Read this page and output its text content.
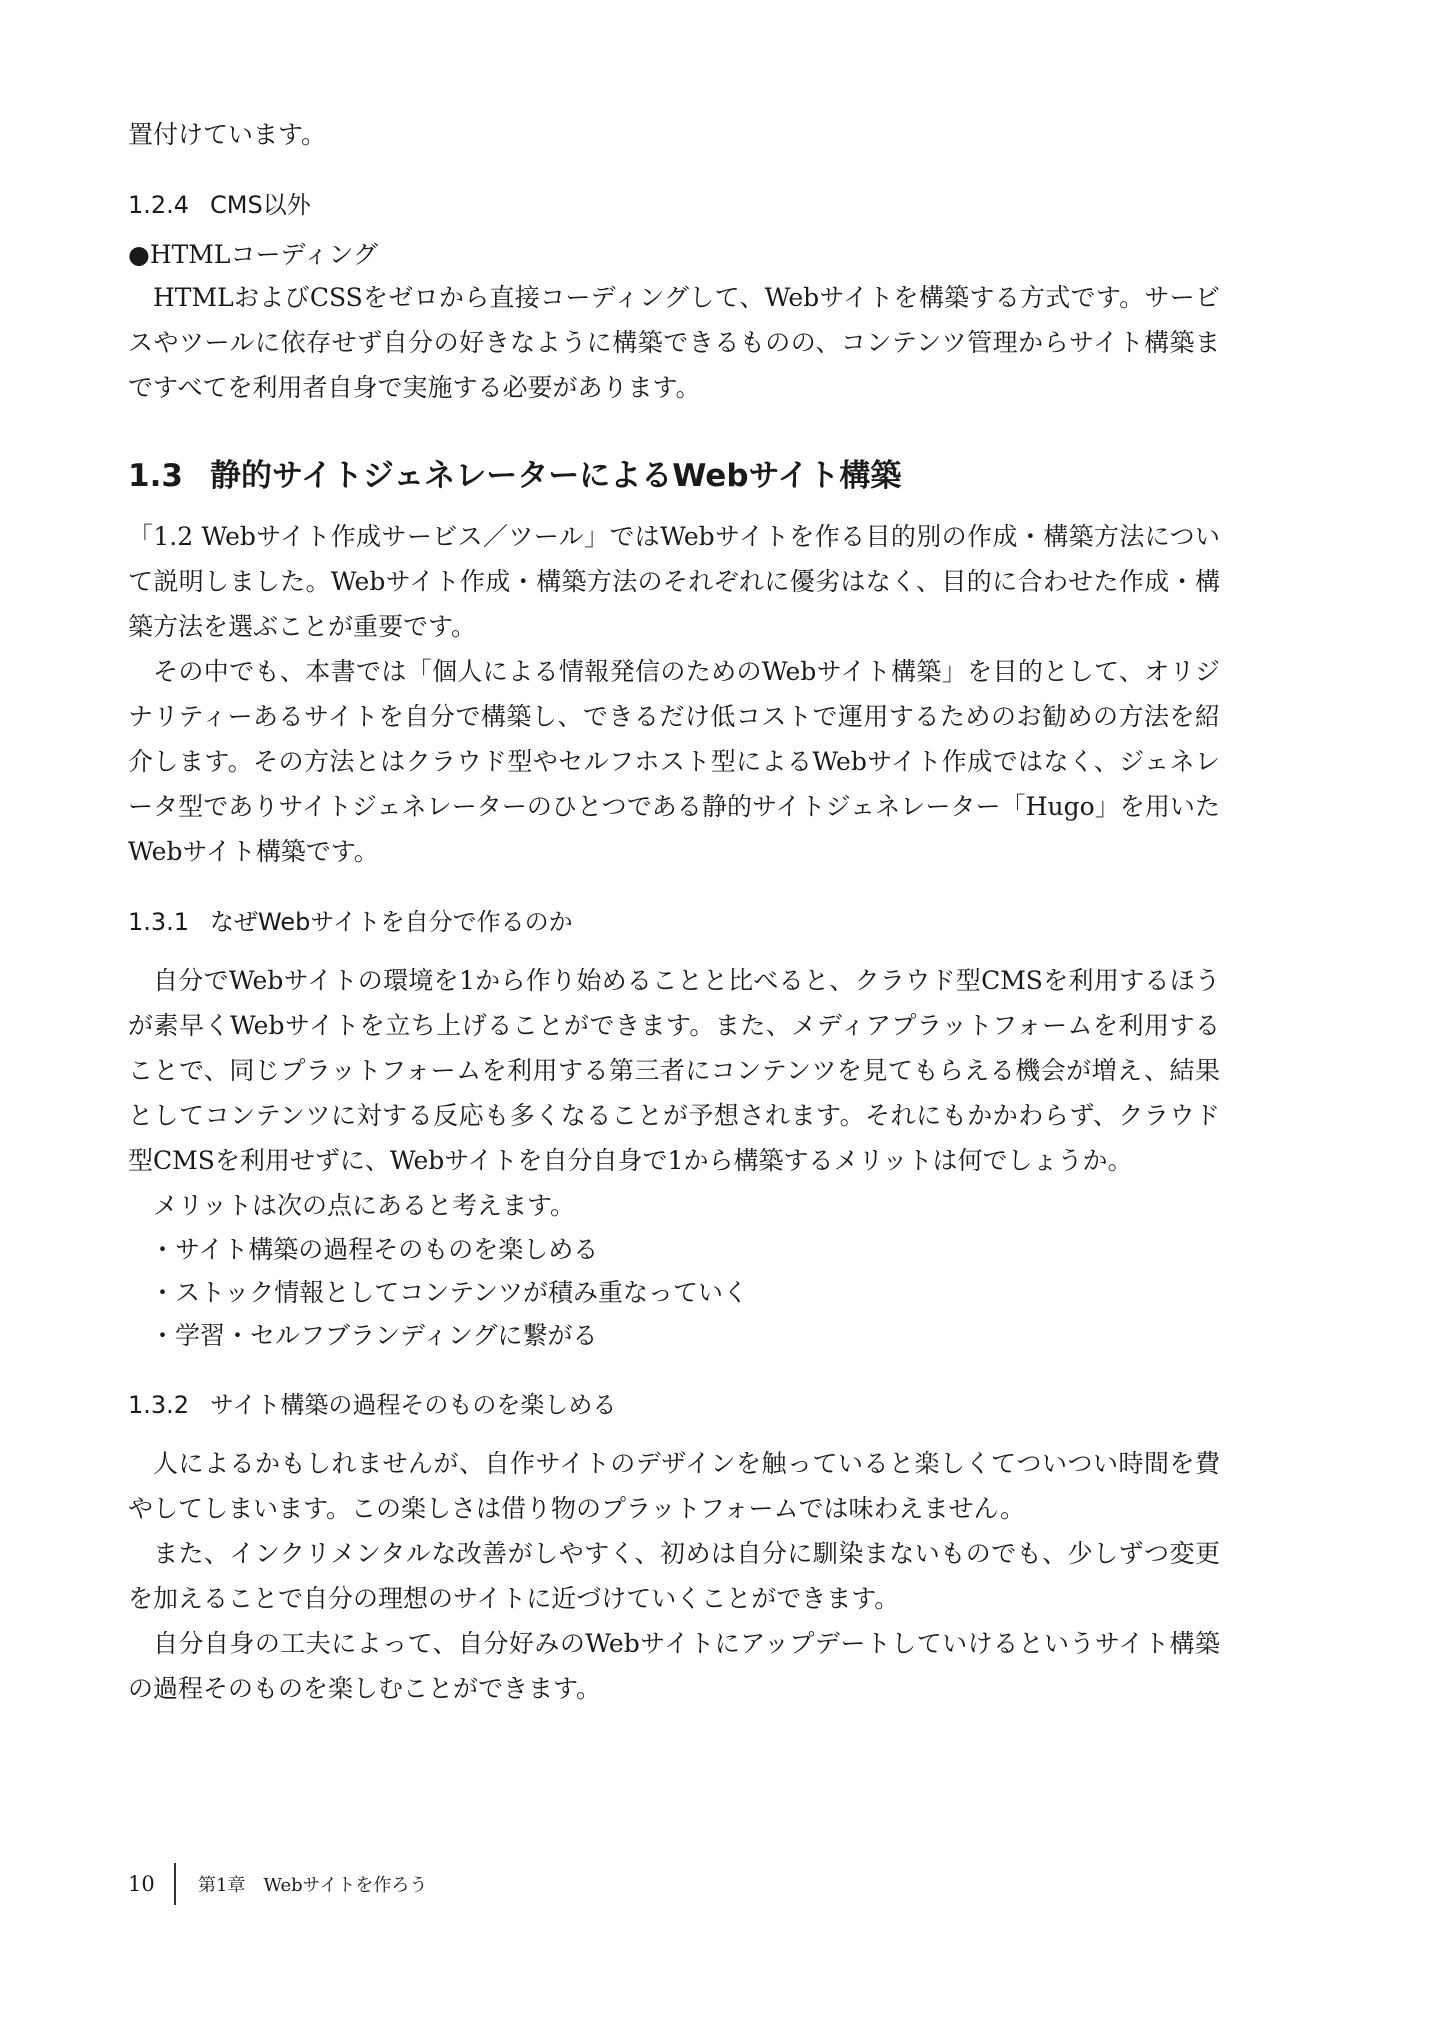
置付けています。

1.2.4 CMS以外

●HTMLコーディング

HTMLおよびCSSをゼロから直接コーディングして、Webサイトを構築する方式です。サービスやツールに依存せず自分の好きなように構築できるものの、コンテンツ管理からサイト構築まですべてを利用者自身で実施する必要があります。

1.3 静的サイトジェネレーターによるWebサイト構築

「1.2 Webサイト作成サービス／ツール」ではWebサイトを作る目的別の作成・構築方法について説明しました。Webサイト作成・構築方法のそれぞれに優劣はなく、目的に合わせた作成・構築方法を選ぶことが重要です。

その中でも、本書では「個人による情報発信のためのWebサイト構築」を目的として、オリジナリティーあるサイトを自分で構築し、できるだけ低コストで運用するためのお勧めの方法を紹介します。その方法とはクラウド型やセルフホスト型によるWebサイト作成ではなく、ジェネレータ型でありサイトジェネレーターのひとつである静的サイトジェネレーター「Hugo」を用いたWebサイト構築です。

1.3.1 なぜWebサイトを自分で作るのか

自分でWebサイトの環境を1から作り始めることと比べると、クラウド型CMSを利用するほうが素早くWebサイトを立ち上げることができます。また、メディアプラットフォームを利用することで、同じプラットフォームを利用する第三者にコンテンツを見てもらえる機会が増え、結果としてコンテンツに対する反応も多くなることが予想されます。それにもかかわらず、クラウド型CMSを利用せずに、Webサイトを自分自身で1から構築するメリットは何でしょうか。

メリットは次の点にあると考えます。

・サイト構築の過程そのものを楽しめる

・ストック情報としてコンテンツが積み重なっていく

・学習・セルフブランディングに繋がる

1.3.2 サイト構築の過程そのものを楽しめる

人によるかもしれませんが、自作サイトのデザインを触っていると楽しくてついつい時間を費やしてしまいます。この楽しさは借り物のプラットフォームでは味わえません。

また、インクリメンタルな改善がしやすく、初めは自分に馴染まないものでも、少しずつ変更を加えることで自分の理想のサイトに近づけていくことができます。

自分自身の工夫によって、自分好みのWebサイトにアップデートしていけるというサイト構築の過程そのものを楽しむことができます。

10	第1章　Webサイトを作ろう
